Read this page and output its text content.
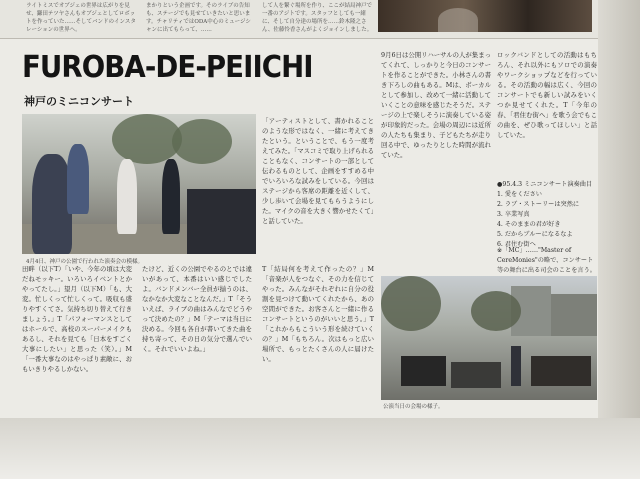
ライトミスでオブジェの世界は広がりを見せ、鎌田テツヤさんもオブジェとしてロボットを作っていた……そしてバンドのインスタレーションの世界へ。
まかりという企画です。そのライブの告知も、ステージでも見せていきたいと思います。チャリティではODA中心のミュージシャンに出てもらって、……
して人を繋ぐ場所を作り、ここが結局神戸で一番のアジトです。スタッフとしても一緒に、そして自分達の場所を……鈴木隆之さん、佐藤怜香さんがよくジョインしました。
FUROBA-DE-PEIICHI
神戸のミニコンサート
4月4日、神戸の公園で行われた演奏会の模様。
「アーティストとして、書かれることのような形ではなく、一緒に考えてきたという。ということで、もう一度考えてみた。「マスコミで取り上げられることもなく、コンサートの一部として伝わるものとして、企画をすすめる中でいろいろな試みをしている。今回はステージから客席の距離を近くして、少し歩いて会場を見てもらうようにした。マイクの音を大きく響かせたくて」と話していた。
田畔（以下T）「いや、今年の頃は大変だねモッキー。いろいろイベントとかやってたし。」望月（以下M）「も、大変。忙しくって忙しくって。吸収も盛りやすくてさ。気持ち切り替えて行きましょう。」T「パフォーマンスとしてはホールで、高校のスーパーメイクもあるし、それを見ても「日本をすごく大事にしたい」と思った（笑）。」M「一番大事なのはやっぱり素敵に、おもいきりやるしかない。
たけど、近くの公園でやるのとでは違いがあって、本番はいい感じでしたよ。バンドメンバー全員が揃うのは、なかなか大変なことなんだ。」T「そういえば、ライブの曲はみんなでどうやって決めたの？」M「テーマは当日に決める。今回も各自が書いてきた曲を持ち寄って、その日の気分で選んでいく。それでいいよね。」
T「結局何を考えて作ったの？」M「音楽が人をつなぐ、その力を信じてやった。みんながそれぞれに自分の役割を見つけて動いてくれたから、あの空間ができた。お客さんと一緒に作るコンサートというのがいいと思う。」T「これからもこういう形を続けていくの？」M「もちろん。次はもっと広い場所で、もっとたくさんの人に届けたい。
9月6日は公開リハーサルの人が集まってくれて、しっかりと今日のコンサートを作ることができた。小林さんの書き下ろしの曲もある。Mは、ボーカルとして参加し、改めて一緒に活動していくことの意味を感じたそうだ。ステージの上で楽しそうに演奏している姿が印象的だった。会場の周辺には近所の人たちも集まり、子どもたちが走り回る中で、ゆったりとした時間が流れていた。
ロックバンドとしての活動はもちろん、それ以外にもソロでの演奏やワークショップなどを行っている。その活動の幅は広く、今回のコンサートでも新しい試みをいくつか見せてくれた。T「今年の春、「君住む街へ」を歌う会でもこの曲を、ぜひ歌ってほしい」と話していた。
●95.4.3 ミニコンサート演奏曲目
1. 愛をください
2. ラブ・ストーリーは突然に
3. 卒業写真
4. そのままの君が好き
5. だからブルーになるなよ
6. 君住む街へ
※「MC」……"Master of CereMonies"の略で、コンサート等の舞台に出る司会のことを言う。
公演当日の会場の様子。
